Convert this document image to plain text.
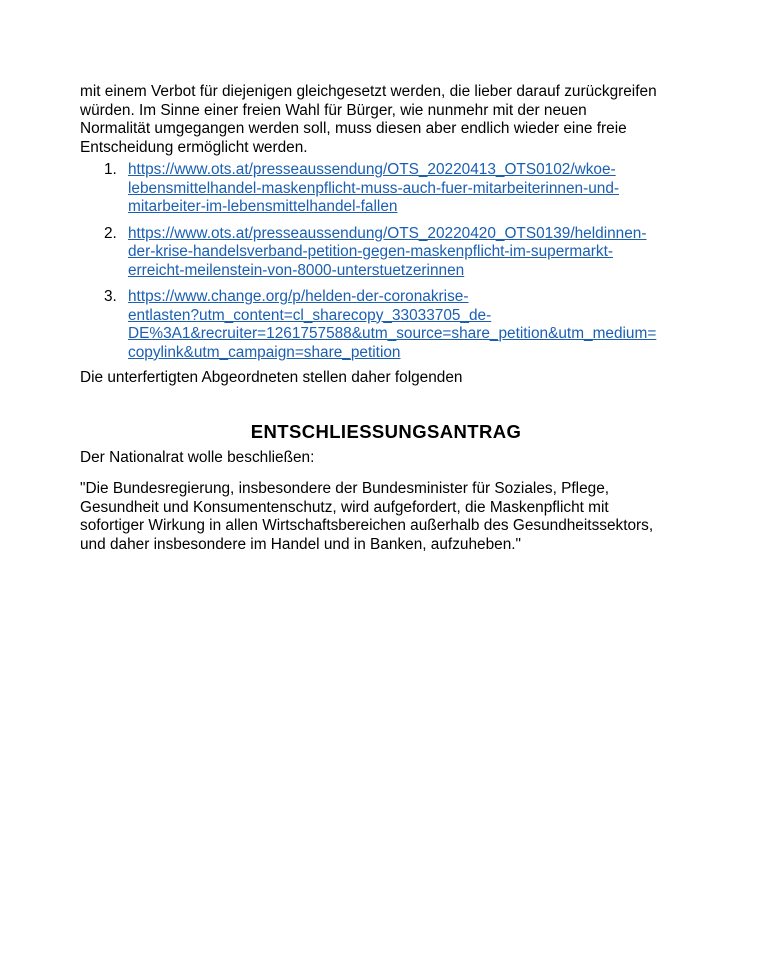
mit einem Verbot für diejenigen gleichgesetzt werden, die lieber darauf zurückgreifen
würden. Im Sinne einer freien Wahl für Bürger, wie nunmehr mit der neuen
Normalität umgegangen werden soll, muss diesen aber endlich wieder eine freie
Entscheidung ermöglicht werden.

1. https://www.ots.at/presseaussendung/OTS_20220413_OTS0102/wkoe-
lebensmittelhandel-maskenpflicht-muss-auch-fuer-mitarbeiterinnen-und-
mitarbeiter-im-lebensmittelhandel-fallen
2. https://www.ots.at/presseaussendung/OTS_20220420_OTS0139/heldinnen-
der-krise-handelsverband-petition-gegen-maskenpflicht-im-supermarkt-
erreicht-meilenstein-von-8000-unterstuetzerinnen
3. https://www.change.org/p/helden-der-coronakrise-
entlasten?utm_content=cl_sharecopy_33033705_de-
DE%3A1&recruiter=1261757588&utm_source=share_petition&utm_medium=
copylink&utm_campaign=share_petition

Die unterfertigten Abgeordneten stellen daher folgenden

ENTSCHLIESSUNGSANTRAG

Der Nationalrat wolle beschließen:

"Die Bundesregierung, insbesondere der Bundesminister für Soziales, Pflege,
Gesundheit und Konsumentenschutz, wird aufgefordert, die Maskenpflicht mit
sofortiger Wirkung in allen Wirtschaftsbereichen außerhalb des Gesundheitssektors,
und daher insbesondere im Handel und in Banken, aufzuheben."
